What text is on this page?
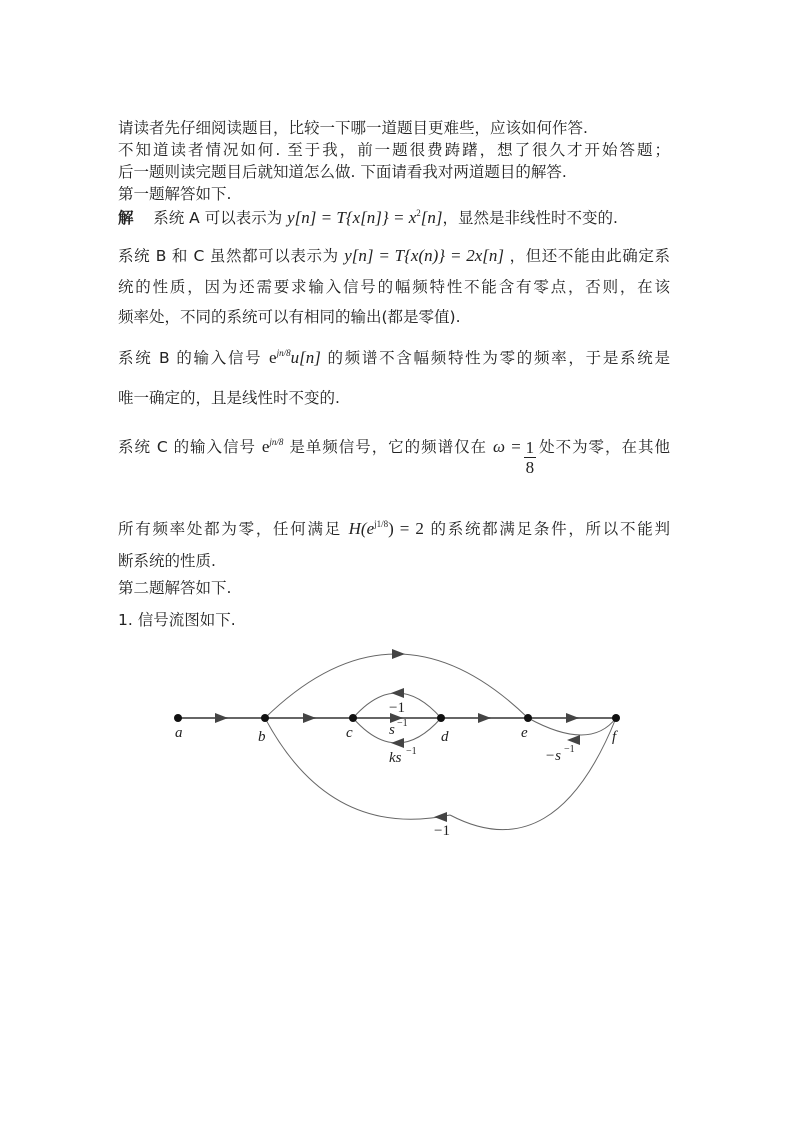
请读者先仔细阅读题目，比较一下哪一道题目更难些，应该如何作答.
不知道读者情况如何. 至于我，前一题很费踌躇，想了很久才开始答题；
后一题则读完题目后就知道怎么做. 下面请看我对两道题目的解答.
第一题解答如下.
解 系统 A 可以表示为 $y[n] = T\{x[n]\} = x^2[n]$，显然是非线性时不变的.
系统 B 和 C 虽然都可以表示为 y[n] = T{x(n)} = 2x[n] ，但还不能由此确定系
统的性质，因为还需要求输入信号的幅频特性不能含有零点，否则，在该
频率处，不同的系统可以有相同的输出(都是零值).
系统 B 的输入信号 $e^{jn/8}u[n]$ 的频谱不含幅频特性为零的频率，于是系统是
唯一确定的，且是线性时不变的.
系统 C 的输入信号 $e^{jn/8}$ 是单频信号，它的频谱仅在 $\omega = \frac{1}{8}$ 处不为零，在其他
所有频率处都为零，任何满足 $H(e^{j1/8}) = 2$ 的系统都满足条件，所以不能判
断系统的性质.
第二题解答如下.
1. 信号流图如下.
a	b	c	d	e	f
−1
s −1
ks −1	−s −1
−1
